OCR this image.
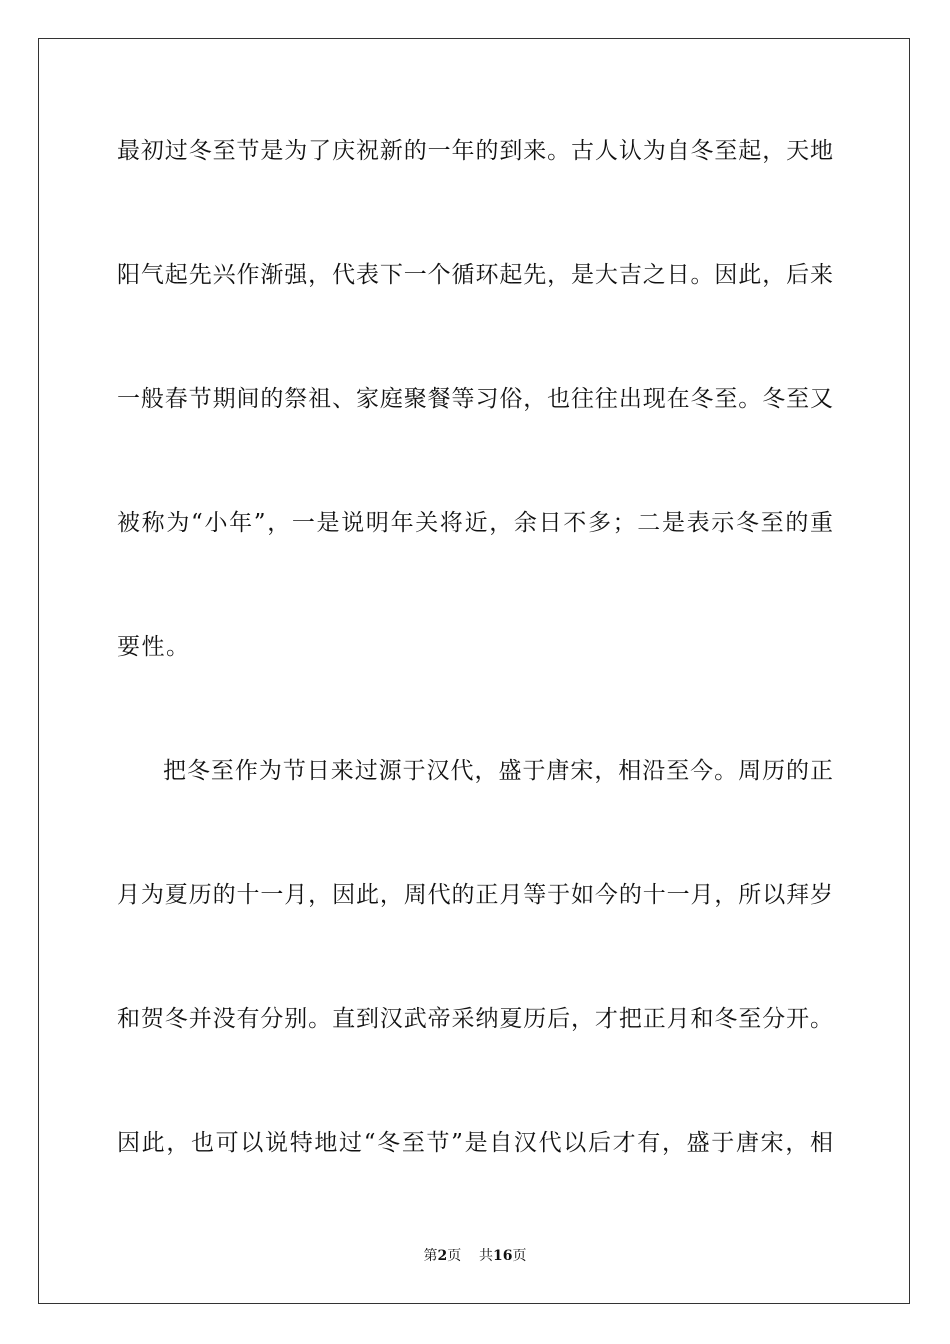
最初过冬至节是为了庆祝新的一年的到来。古人认为自冬至起，天地
阳气起先兴作渐强，代表下一个循环起先，是大吉之日。因此，后来
一般春节期间的祭祖、家庭聚餐等习俗，也往往出现在冬至。冬至又
被称为“小年”，一是说明年关将近，余日不多；二是表示冬至的重
要性。
把冬至作为节日来过源于汉代，盛于唐宋，相沿至今。周历的正
月为夏历的十一月，因此，周代的正月等于如今的十一月，所以拜岁
和贺冬并没有分别。直到汉武帝采纳夏历后，才把正月和冬至分开。
因此，也可以说特地过“冬至节”是自汉代以后才有，盛于唐宋，相
第2页 共16页
